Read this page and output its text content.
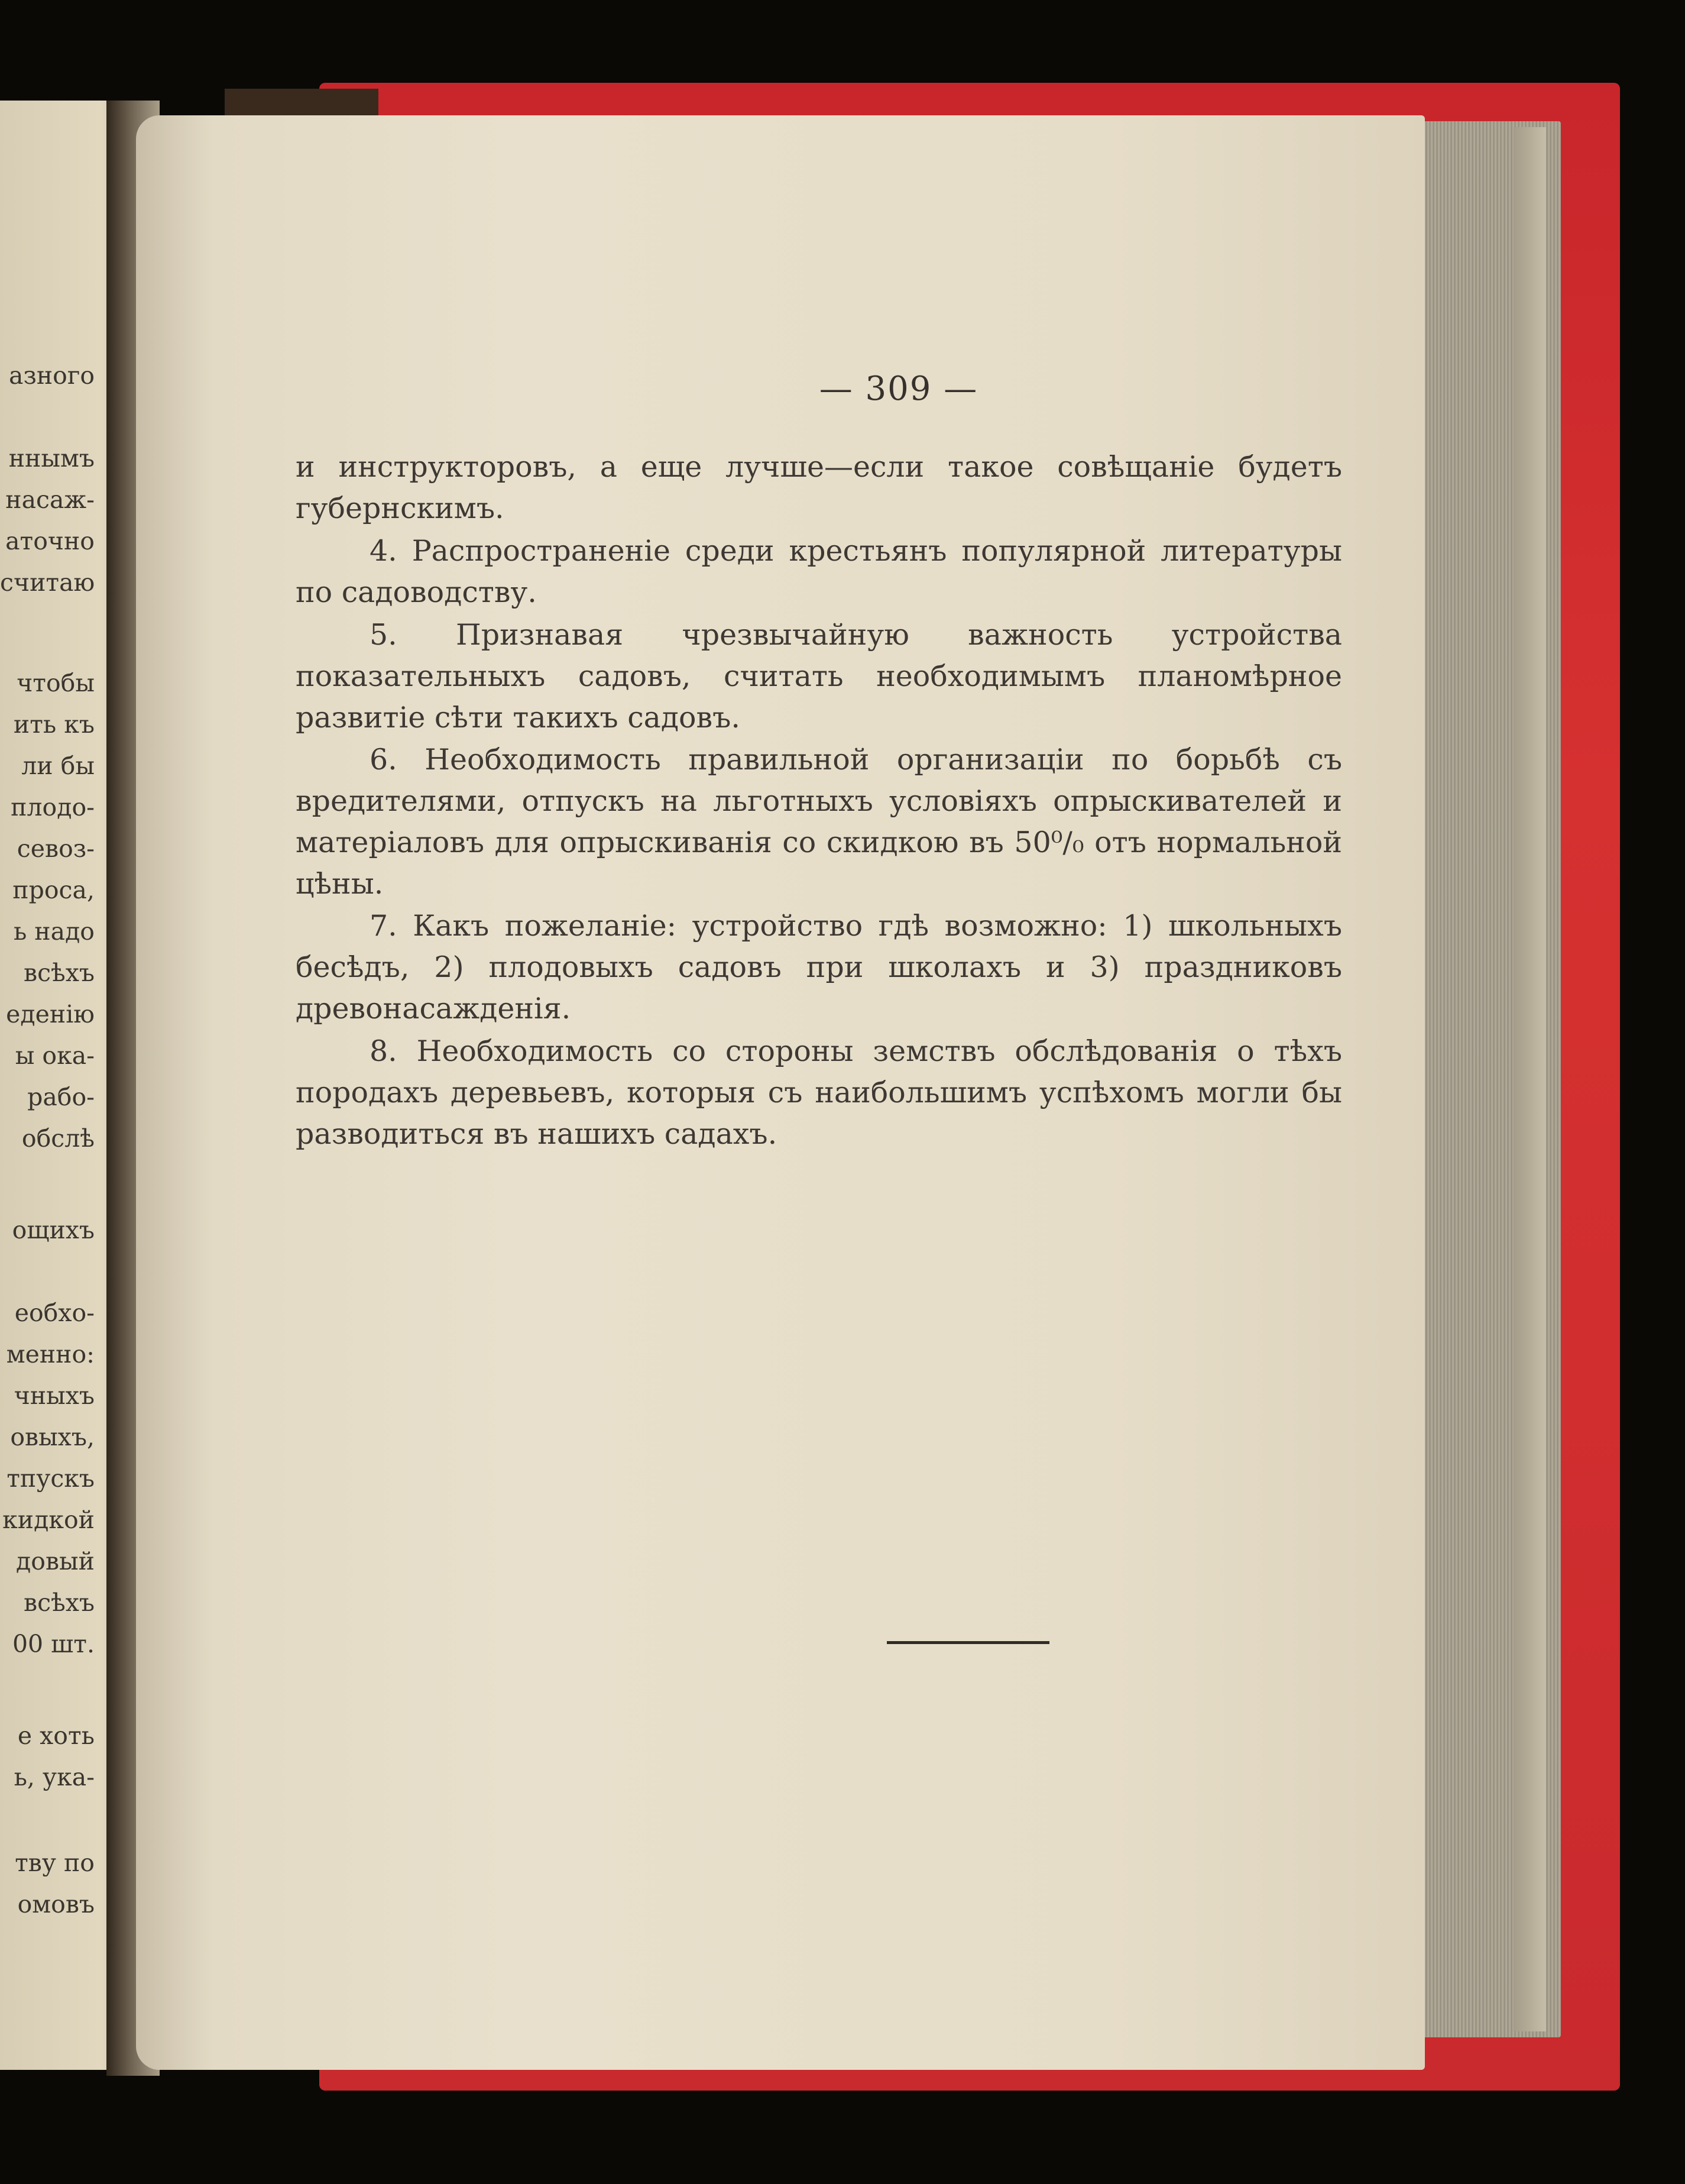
азного
ннымъ
насаж-
аточно
считаю
чтобы
ить къ
ли бы
плодо-
севоз-
проса,
ь надо
всѣхъ
еденію
ы ока-
рабо-
обслѣ
ощихъ
еобхо-
менно:
чныхъ
овыхъ,
тпускъ
кидкой
довый
всѣхъ
00 шт.
е хоть
ь, ука-
тву по
омовъ
— 309 —
и инструкторовъ, а еще лучше—если такое совѣщаніе будетъ губернскимъ.
4. Распространеніе среди крестьянъ популярной литературы по садоводству.
5. Признавая чрезвычайную важность устройства показательныхъ садовъ, считать необходимымъ планомѣрное развитіе сѣти такихъ садовъ.
6. Необходимость правильной организаціи по борьбѣ съ вредителями, отпускъ на льготныхъ условіяхъ опрыскивателей и матеріаловъ для опрыскиванія со скидкою въ 50⁰/₀ отъ нормальной цѣны.
7. Какъ пожеланіе: устройство гдѣ возможно: 1) школьныхъ бесѣдъ, 2) плодовыхъ садовъ при школахъ и 3) праздниковъ древонасажденія.
8. Необходимость со стороны земствъ обслѣдованія о тѣхъ породахъ деревьевъ, которыя съ наибольшимъ успѣхомъ могли бы разводиться въ нашихъ садахъ.
